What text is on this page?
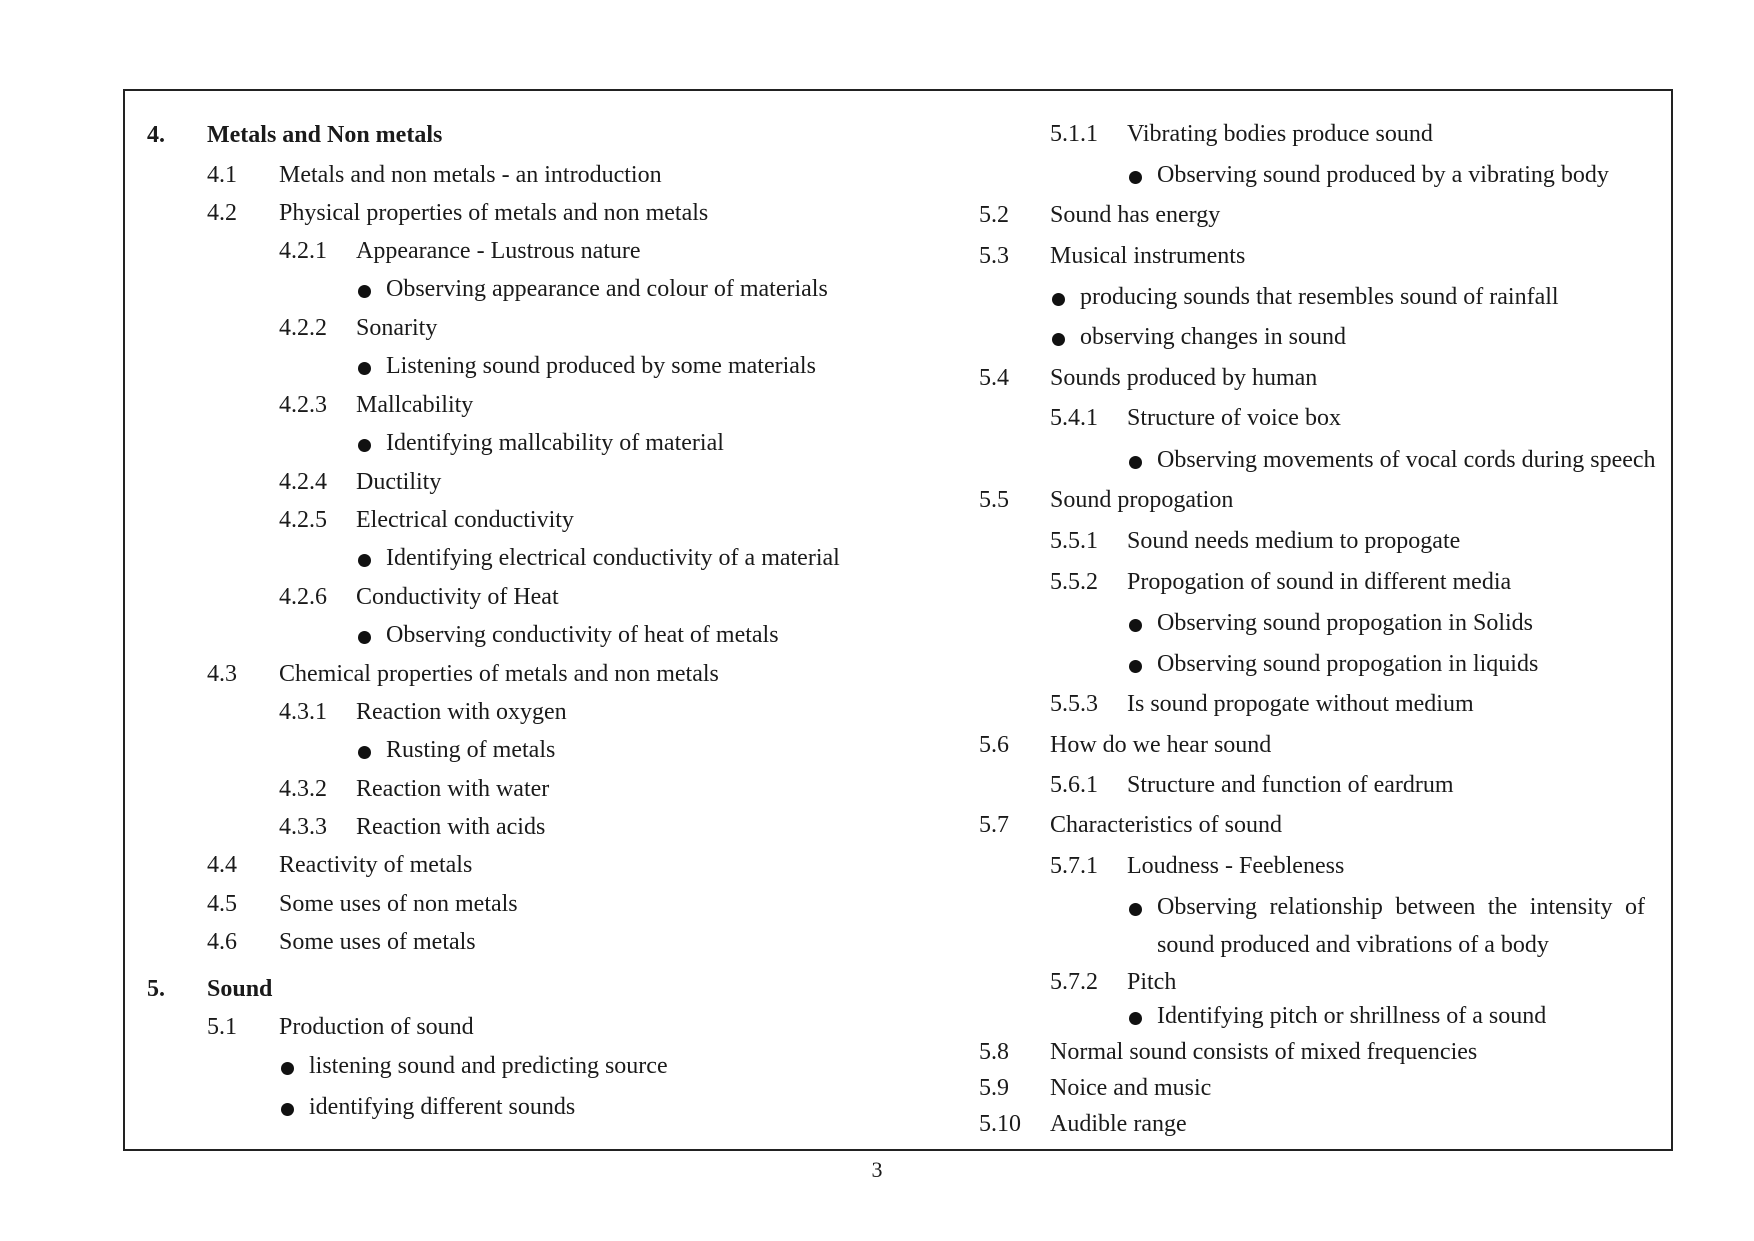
4. Metals and Non metals
4.1 Metals and non metals - an introduction
4.2 Physical properties of metals and non metals
4.2.1 Appearance - Lustrous nature
Observing appearance and colour of materials
4.2.2 Sonarity
Listening sound produced by some materials
4.2.3 Mallcability
Identifying mallcability of material
4.2.4 Ductility
4.2.5 Electrical conductivity
Identifying electrical conductivity of a material
4.2.6 Conductivity of Heat
Observing conductivity of heat of metals
4.3 Chemical properties of metals and non metals
4.3.1 Reaction with oxygen
Rusting of metals
4.3.2 Reaction with water
4.3.3 Reaction with acids
4.4 Reactivity of metals
4.5 Some uses of non metals
4.6 Some uses of metals
5. Sound
5.1 Production of sound
listening sound and predicting source
identifying different sounds
5.1.1 Vibrating bodies produce sound
Observing sound produced by a vibrating body
5.2 Sound has energy
5.3 Musical instruments
producing sounds that resembles sound of rainfall
observing changes in sound
5.4 Sounds produced by human
5.4.1 Structure of voice box
Observing movements of vocal cords during speech
5.5 Sound propogation
5.5.1 Sound needs medium to propogate
5.5.2 Propogation of sound in different media
Observing sound propogation in Solids
Observing sound propogation in liquids
5.5.3 Is sound propogate without medium
5.6 How do we hear sound
5.6.1 Structure and function of eardrum
5.7 Characteristics of sound
5.7.1 Loudness - Feebleness
Observing relationship between the intensity of
sound produced and vibrations of a body
5.7.2 Pitch
Identifying pitch or shrillness of a sound
5.8 Normal sound consists of mixed frequencies
5.9 Noice and music
5.10 Audible range
3
